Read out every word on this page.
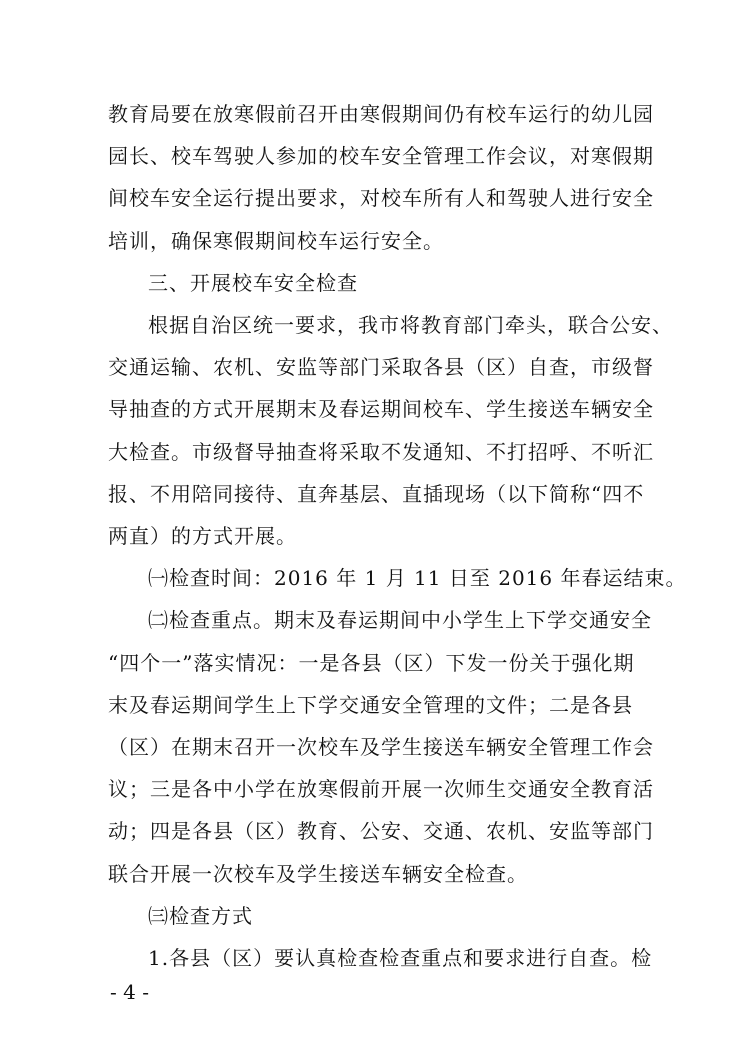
教育局要在放寒假前召开由寒假期间仍有校车运行的幼儿园
园长、校车驾驶人参加的校车安全管理工作会议，对寒假期
间校车安全运行提出要求，对校车所有人和驾驶人进行安全
培训，确保寒假期间校车运行安全。
三、开展校车安全检查
根据自治区统一要求，我市将教育部门牵头，联合公安、
交通运输、农机、安监等部门采取各县（区）自查，市级督
导抽查的方式开展期末及春运期间校车、学生接送车辆安全
大检查。市级督导抽查将采取不发通知、不打招呼、不听汇
报、不用陪同接待、直奔基层、直插现场（以下简称“四不
两直）的方式开展。
㈠检查时间：2016 年 1 月 11 日至 2016 年春运结束。
㈡检查重点。期末及春运期间中小学生上下学交通安全
“四个一”落实情况：一是各县（区）下发一份关于强化期
末及春运期间学生上下学交通安全管理的文件；二是各县
（区）在期末召开一次校车及学生接送车辆安全管理工作会
议；三是各中小学在放寒假前开展一次师生交通安全教育活
动；四是各县（区）教育、公安、交通、农机、安监等部门
联合开展一次校车及学生接送车辆安全检查。
㈢检查方式
1.各县（区）要认真检查检查重点和要求进行自查。检
- 4 -
